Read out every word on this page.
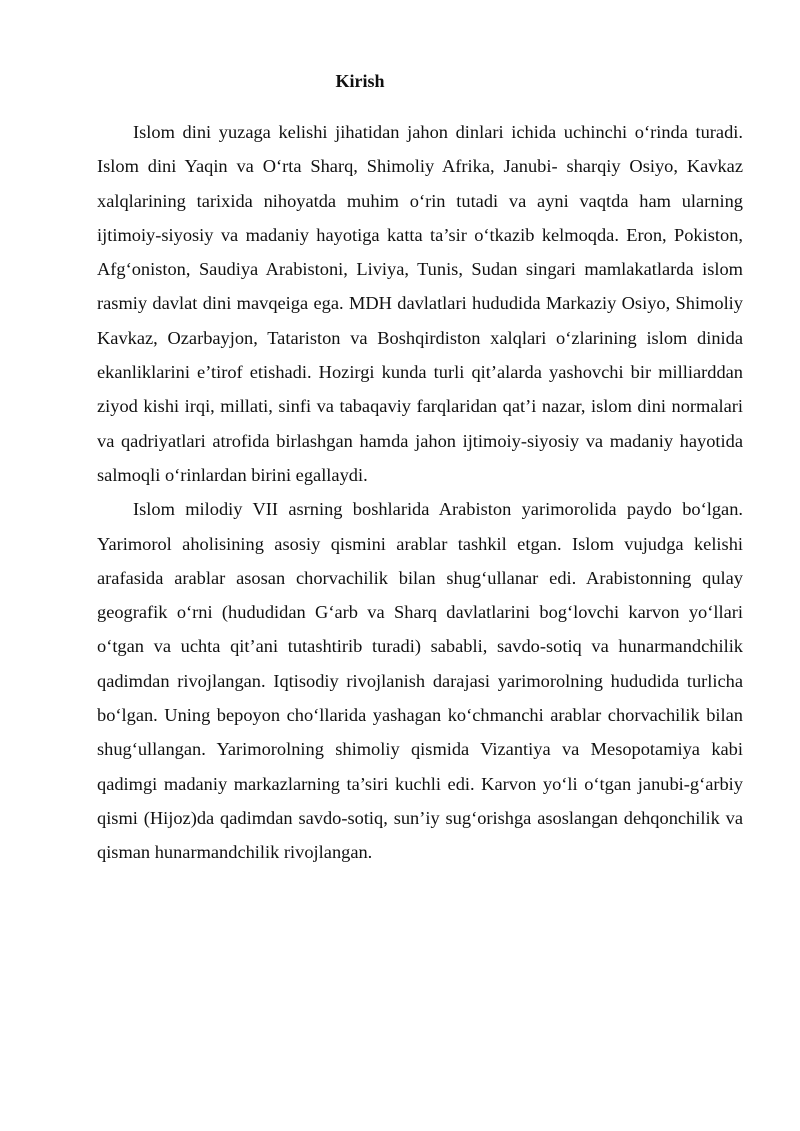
Kirish

Islom dini yuzaga kelishi jihatidan jahon dinlari ichida uchinchi o‘rinda turadi. Islom dini Yaqin va O‘rta Sharq, Shimoliy Afrika, Janubi- sharqiy Osiyo, Kavkaz xalqlarining tarixida nihoyatda muhim o‘rin tutadi va ayni vaqtda ham ularning ijtimoiy-siyosiy va madaniy hayotiga katta ta’sir o‘tkazib kelmoqda. Eron, Pokiston, Afg‘oniston, Saudiya Arabistoni, Liviya, Tunis, Sudan singari mamlakatlarda islom rasmiy davlat dini mavqeiga ega. MDH davlatlari hududida Markaziy Osiyo, Shimoliy Kavkaz, Ozarbayjon, Tatariston va Boshqirdiston xalqlari o‘zlarining islom dinida ekanliklarini e’tirof etishadi. Hozirgi kunda turli qit’alarda yashovchi bir milliarddan ziyod kishi irqi, millati, sinfi va tabaqaviy farqlaridan qat’i nazar, islom dini normalari va qadriyatlari atrofida birlashgan hamda jahon ijtimoiy-siyosiy va madaniy hayotida salmoqli o‘rinlardan birini egallaydi.

Islom milodiy VII asrning boshlarida Arabiston yarimorolida paydo bo‘lgan. Yarimorol aholisining asosiy qismini arablar tashkil etgan. Islom vujudga kelishi arafasida arablar asosan chorvachilik bilan shug‘ullanar edi. Arabistonning qulay geografik o‘rni (hududidan G‘arb va Sharq davlatlarini bog‘lovchi karvon yo‘llari o‘tgan va uchta qit’ani tutashtirib turadi) sababli, savdo-sotiq va hunarmandchilik qadimdan rivojlangan. Iqtisodiy rivojlanish darajasi yarimorolning hududida turlicha bo‘lgan. Uning bepoyon cho‘llarida yashagan ko‘chmanchi arablar chorvachilik bilan shug‘ullangan. Yarimorolning shimoliy qismida Vizantiya va Mesopotamiya kabi qadimgi madaniy markazlarning ta’siri kuchli edi. Karvon yo‘li o‘tgan janubi-g‘arbiy qismi (Hijoz)da qadimdan savdo-sotiq, sun’iy sug‘orishga asoslangan dehqonchilik va qisman hunarmandchilik rivojlangan.
